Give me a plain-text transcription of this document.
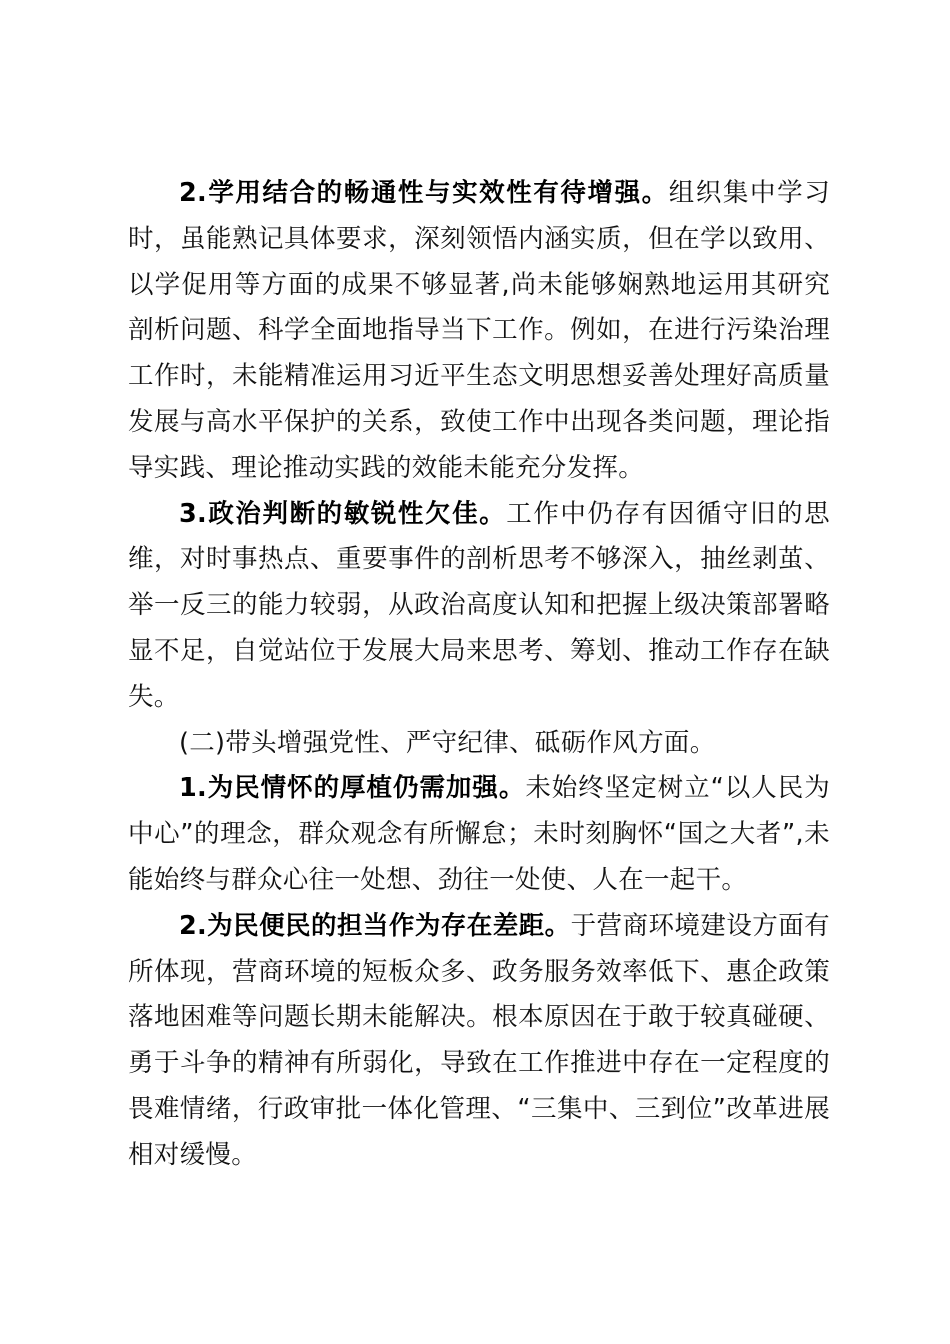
2.学用结合的畅通性与实效性有待增强。组织集中学习时，虽能熟记具体要求，深刻领悟内涵实质，但在学以致用、以学促用等方面的成果不够显著,尚未能够娴熟地运用其研究剖析问题、科学全面地指导当下工作。例如，在进行污染治理工作时，未能精准运用习近平生态文明思想妥善处理好高质量发展与高水平保护的关系，致使工作中出现各类问题，理论指导实践、理论推动实践的效能未能充分发挥。

3.政治判断的敏锐性欠佳。工作中仍存有因循守旧的思维，对时事热点、重要事件的剖析思考不够深入，抽丝剥茧、举一反三的能力较弱，从政治高度认知和把握上级决策部署略显不足，自觉站位于发展大局来思考、筹划、推动工作存在缺失。

(二)带头增强党性、严守纪律、砥砺作风方面。

1.为民情怀的厚植仍需加强。未始终坚定树立“以人民为中心”的理念，群众观念有所懈怠；未时刻胸怀“国之大者”,未能始终与群众心往一处想、劲往一处使、人在一起干。

2.为民便民的担当作为存在差距。于营商环境建设方面有所体现，营商环境的短板众多、政务服务效率低下、惠企政策落地困难等问题长期未能解决。根本原因在于敢于较真碰硬、勇于斗争的精神有所弱化，导致在工作推进中存在一定程度的畏难情绪，行政审批一体化管理、“三集中、三到位”改革进展相对缓慢。
